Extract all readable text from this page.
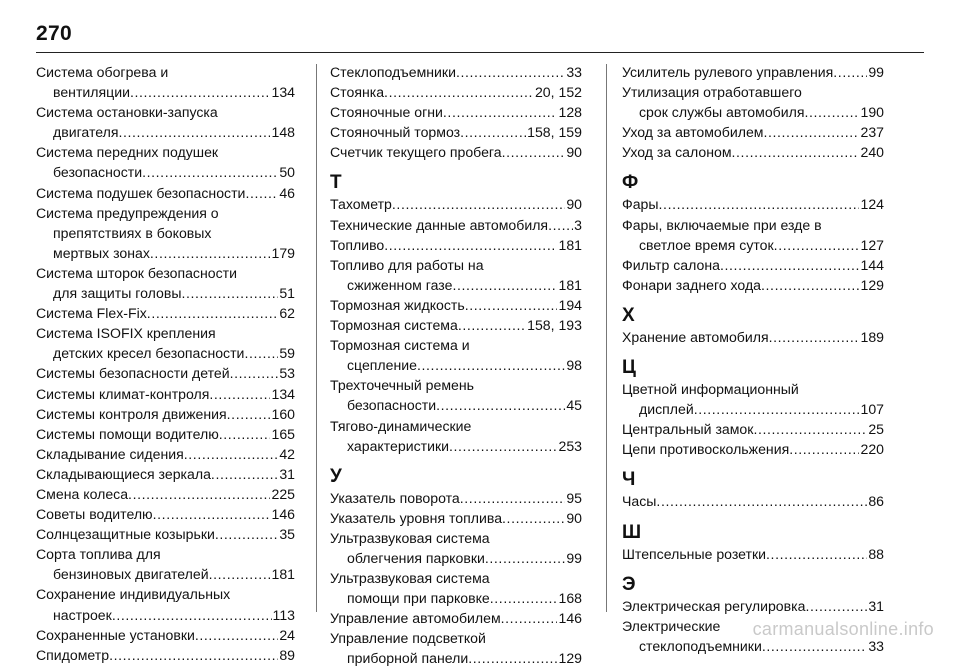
270
Система обогрева и
вентиляции .....	134
Система остановки-запуска
двигателя .....	148
Система передних подушек
безопасности .....	50
Система подушек безопасности ..... 46
Система предупреждения о
препятствиях в боковых
мертвых зонах .....	179
Система шторок безопасности
для защиты головы .....	51
Система Flex-Fix .....	62
Система ISOFIX крепления
детских кресел безопасности ..... 59
Системы безопасности детей .....	53
Системы климат-контроля .....	134
Системы контроля движения .....	160
Системы помощи водителю .....	165
Складывание сидения .....	42
Складывающиеся зеркала .....	31
Смена колеса .....	225
Советы водителю .....	146
Солнцезащитные козырьки .....	35
Сорта топлива для
бензиновых двигателей .....	181
Сохранение индивидуальных
настроек .....	113
Сохраненные установки .....	24
Спидометр .....	89
Стеклоподъемники .....	33
Стоянка .....	20, 152
Стояночные огни .....	128
Стояночный тормоз .....	158, 159
Счетчик текущего пробега .....	90
Т
Тахометр .....	90
Технические данные автомобиля ..... 3
Топливо .....	181
Топливо для работы на
сжиженном газе .....	181
Тормозная жидкость .....	194
Тормозная система .....	158, 193
Тормозная система и
сцепление .....	98
Трехточечный ремень
безопасности .....	45
Тягово-динамические
характеристики .....	253
У
Указатель поворота .....	95
Указатель уровня топлива .....	90
Ультразвуковая система
облегчения парковки .....	99
Ультразвуковая система
помощи при парковке .....	168
Управление автомобилем .....	146
Управление подсветкой
приборной панели .....	129
Усилитель рулевого управления ..... 99
Утилизация отработавшего
срок службы автомобиля .....	190
Уход за автомобилем .....	237
Уход за салоном .....	240
Ф
Фары .....	124
Фары, включаемые при езде в
светлое время суток .....	127
Фильтр салона .....	144
Фонари заднего хода .....	129
Х
Хранение автомобиля .....	189
Ц
Цветной информационный
дисплей .....	107
Центральный замок .....	25
Цепи противоскольжения .....	220
Ч
Часы .....	86
Ш
Штепсельные розетки .....	88
Э
Электрическая регулировка .....	31
Электрические
стеклоподъемники .....	33
carmanualsonline.info
